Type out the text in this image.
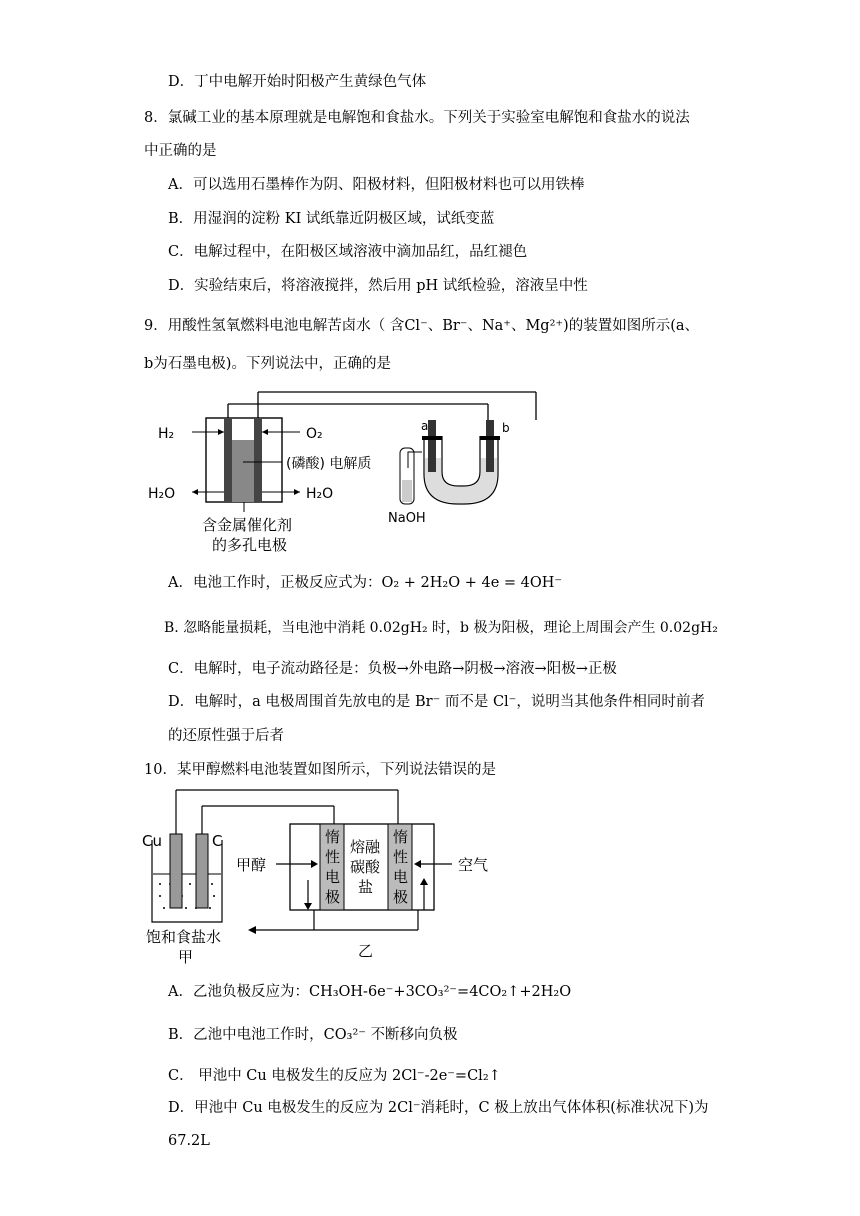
D．丁中电解开始时阳极产生黄绿色气体
8．氯碱工业的基本原理就是电解饱和食盐水。下列关于实验室电解饱和食盐水的说法
中正确的是
A．可以选用石墨棒作为阴、阳极材料，但阳极材料也可以用铁棒
B．用湿润的淀粉 KI 试纸靠近阴极区域，试纸变蓝
C．电解过程中，在阳极区域溶液中滴加品红，品红褪色
D．实验结束后，将溶液搅拌，然后用 pH 试纸检验，溶液呈中性
9．用酸性氢氧燃料电池电解苦卤水（ 含Cl⁻、Br⁻、Na⁺、Mg²⁺)的装置如图所示(a、
b为石墨电极)。下列说法中，正确的是
H₂	O₂
H₂O	H₂O
(磷酸) 电解质
含金属催化剂
的多孔电极
a	b
NaOH
A．电池工作时，正极反应式为：O₂ + 2H₂O + 4e = 4OH⁻
B. 忽略能量损耗，当电池中消耗 0.02gH₂ 时，b 极为阳极，理论上周围会产生 0.02gH₂
C．电解时，电子流动路径是：负极→外电路→阴极→溶液→阳极→正极
D．电解时，a 电极周围首先放电的是 Br⁻ 而不是 Cl⁻，说明当其他条件相同时前者
的还原性强于后者
10．某甲醇燃料电池装置如图所示，下列说法错误的是
Cu	C
饱和食盐水
甲
惰
性
电
极
惰
性
电
极
熔融
碳酸
盐
甲醇	空气
乙
A．乙池负极反应为：CH₃OH-6e⁻+3CO₃²⁻=4CO₂↑+2H₂O
B．乙池中电池工作时，CO₃²⁻ 不断移向负极
C． 甲池中 Cu 电极发生的反应为 2Cl⁻-2e⁻=Cl₂↑
D．甲池中 Cu 电极发生的反应为 2Cl⁻消耗时，C 极上放出气体体积(标准状况下)为
67.2L
